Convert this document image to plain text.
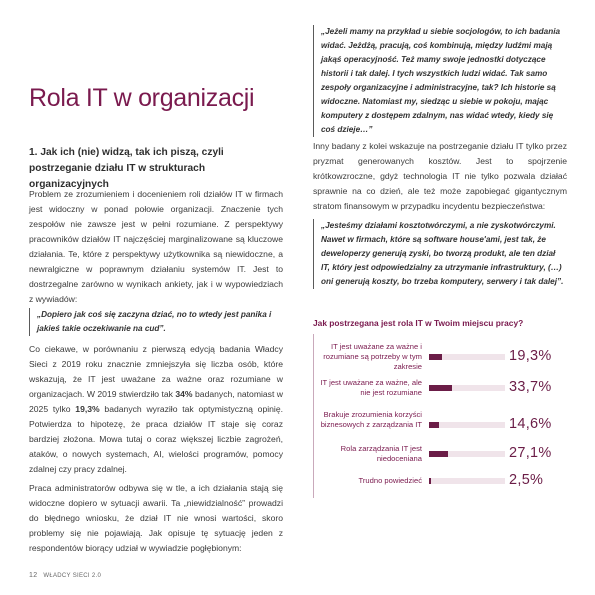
Rola IT w organizacji
1. Jak ich (nie) widzą, tak ich piszą, czyli postrzeganie działu IT w strukturach organizacyjnych

Problem ze zrozumieniem i docenieniem roli działów IT w firmach jest widoczny w ponad połowie organizacji. Znaczenie tych zespołów nie zawsze jest w pełni rozumiane. Z perspektywy pracowników działów IT najczęściej marginalizowane są kluczowe działania. Te, które z perspektywy użytkownika są niewidoczne, a newralgiczne w poprawnym działaniu systemów IT. Jest to dostrzegalne zarówno w wynikach ankiety, jak i w wypowiedziach z wywiadów:

„Dopiero jak coś się zaczyna dziać, no to wtedy jest panika i jakieś takie oczekiwanie na cud”.

Co ciekawe, w porównaniu z pierwszą edycją badania Władcy Sieci z 2019 roku znacznie zmniejszyła się liczba osób, które wskazują, że IT jest uważane za ważne oraz rozumiane w organizacjach. W 2019 stwierdziło tak 34% badanych, natomiast w 2025 tylko 19,3% badanych wyraziło tak optymistyczną opinię. Potwierdza to hipotezę, że praca działów IT staje się coraz bardziej złożona. Mowa tutaj o coraz większej liczbie zagrożeń, ataków, o nowych systemach, AI, wielości programów, pomocy zdalnej czy pracy zdalnej.

Praca administratorów odbywa się w tle, a ich działania stają się widoczne dopiero w sytuacji awarii. Ta „niewidzialność” prowadzi do błędnego wniosku, że dział IT nie wnosi wartości, skoro problemy się nie pojawiają. Jak opisuje tę sytuację jeden z respondentów biorący udział w wywiadzie pogłębionym:

„Jeżeli mamy na przykład u siebie socjologów, to ich badania widać. Jeżdżą, pracują, coś kombinują, między ludźmi mają jakąś operacyjność. Też mamy swoje jednostki dotyczące historii i tak dalej. I tych wszystkich ludzi widać. Tak samo zespoły organizacyjne i administracyjne, tak? Ich historie są widoczne. Natomiast my, siedząc u siebie w pokoju, mając komputery z dostępem zdalnym, nas widać wtedy, kiedy się coś dzieje…”

Inny badany z kolei wskazuje na postrzeganie działu IT tylko przez pryzmat generowanych kosztów. Jest to spojrzenie krótkowzroczne, gdyż technologia IT nie tylko pozwala działać sprawnie na co dzień, ale też może zapobiegać gigantycznym stratom finansowym w przypadku incydentu bezpieczeństwa:

„Jesteśmy działami kosztotwórczymi, a nie zyskotwórczymi. Nawet w firmach, które są software house'ami, jest tak, że deweloperzy generują zyski, bo tworzą produkt, ale ten dział IT, który jest odpowiedzialny za utrzymanie infrastruktury, (…) oni generują koszty, bo trzeba komputery, serwery i tak dalej”.

Jak postrzegana jest rola IT w Twoim miejscu pracy?
IT jest uważane za ważne i rozumiane są potrzeby w tym zakresie
19,3%
IT jest uważane za ważne, ale nie jest rozumiane	33,7%
Brakuje zrozumienia korzyści biznesowych z zarządzania IT	14,6%
Rola zarządzania IT jest niedoceniana	27,1%
Trudno powiedzieć	2,5%
12 WŁADCY SIECI 2.0
